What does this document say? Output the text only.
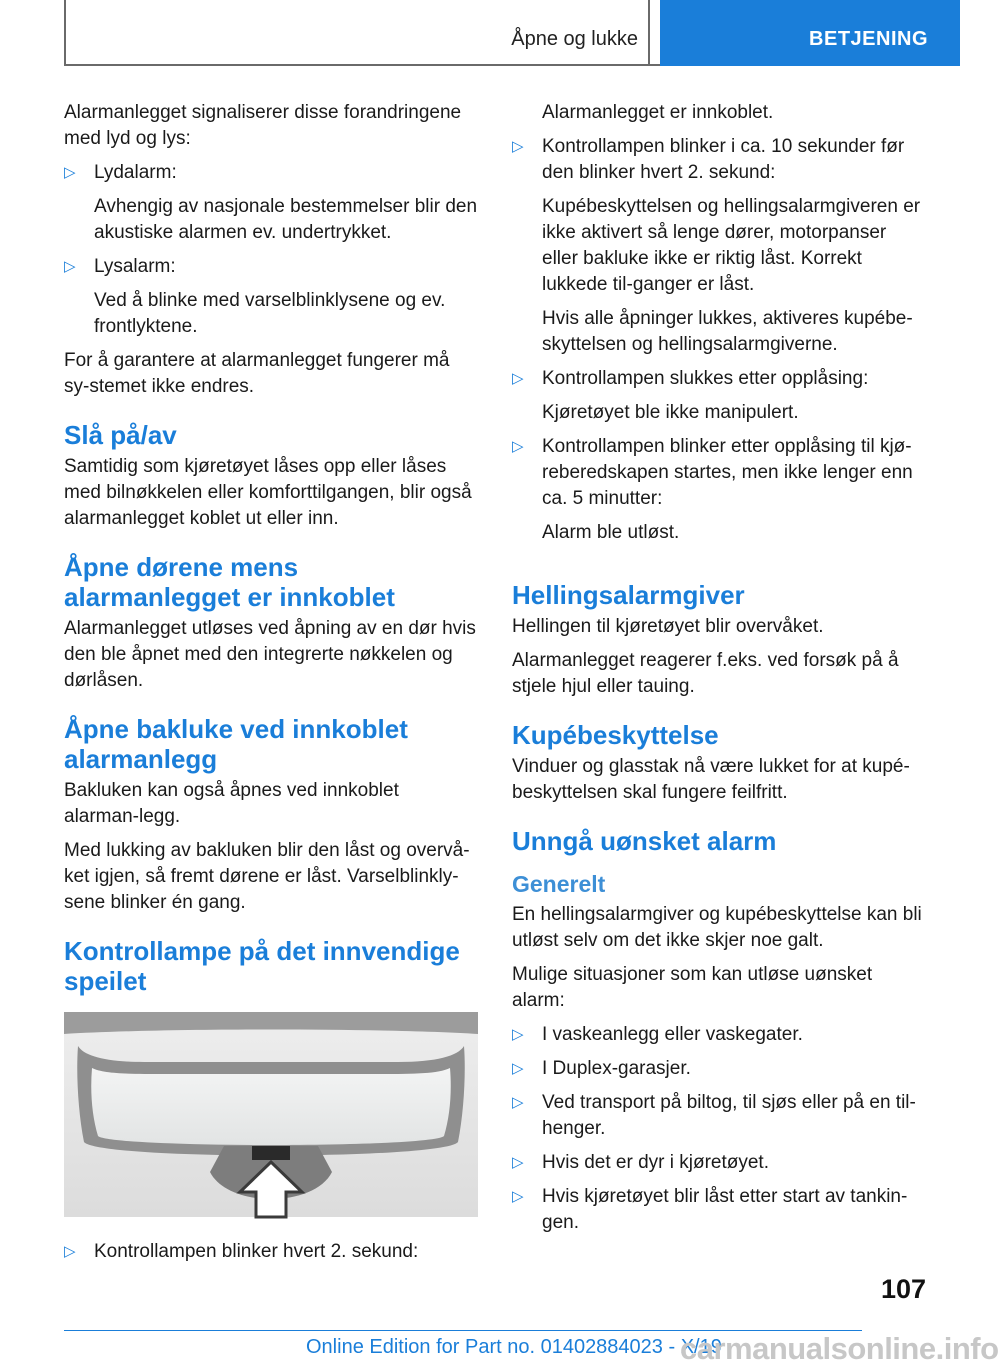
Åpne og lukke	BETJENING

Alarmanlegget signaliserer disse forandringene med lyd og lys:

▷ Lydalarm:
Avhengig av nasjonale bestemmelser blir den akustiske alarmen ev. undertrykket.
▷ Lysalarm:
Ved å blinke med varselblinklysene og ev. frontlyktene.

For å garantere at alarmanlegget fungerer må sy-stemet ikke endres.

Slå på/av

Samtidig som kjøretøyet låses opp eller låses med bilnøkkelen eller komforttilgangen, blir også alarmanlegget koblet ut eller inn.

Åpne dørene mens alarmanlegget er innkoblet

Alarmanlegget utløses ved åpning av en dør hvis den ble åpnet med den integrerte nøkkelen og dørlåsen.

Åpne bakluke ved innkoblet alarmanlegg

Bakluken kan også åpnes ved innkoblet alarman-legg.

Med lukking av bakluken blir den låst og overvå-ket igjen, så fremt dørene er låst. Varselblinkly-sene blinker én gang.

Kontrollampe på det innvendige speilet
▷ Kontrollampen blinker hvert 2. sekund:
Alarmanlegget er innkoblet.
▷ Kontrollampen blinker i ca. 10 sekunder før den blinker hvert 2. sekund:
Kupébeskyttelsen og hellingsalarmgiveren er ikke aktivert så lenge dører, motorpanser eller bakluke ikke er riktig låst. Korrekt lukkede til-ganger er låst.
Hvis alle åpninger lukkes, aktiveres kupébe-skyttelsen og hellingsalarmgiverne.
▷ Kontrollampen slukkes etter opplåsing:
Kjøretøyet ble ikke manipulert.
▷ Kontrollampen blinker etter opplåsing til kjø-reberedskapen startes, men ikke lenger enn ca. 5 minutter:
Alarm ble utløst.
Hellingsalarmgiver

Hellingen til kjøretøyet blir overvåket.

Alarmanlegget reagerer f.eks. ved forsøk på å stjele hjul eller tauing.

Kupébeskyttelse

Vinduer og glasstak nå være lukket for at kupé-beskyttelsen skal fungere feilfritt.

Unngå uønsket alarm
Generelt

En hellingsalarmgiver og kupébeskyttelse kan bli utløst selv om det ikke skjer noe galt.

Mulige situasjoner som kan utløse uønsket alarm:

▷ I vaskeanlegg eller vaskegater.
▷ I Duplex-garasjer.
▷ Ved transport på biltog, til sjøs eller på en til-henger.
▷ Hvis det er dyr i kjøretøyet.
▷ Hvis kjøretøyet blir låst etter start av tankin-gen.
107
Online Edition for Part no. 01402884023 - X/19
carmanualsonline.info
